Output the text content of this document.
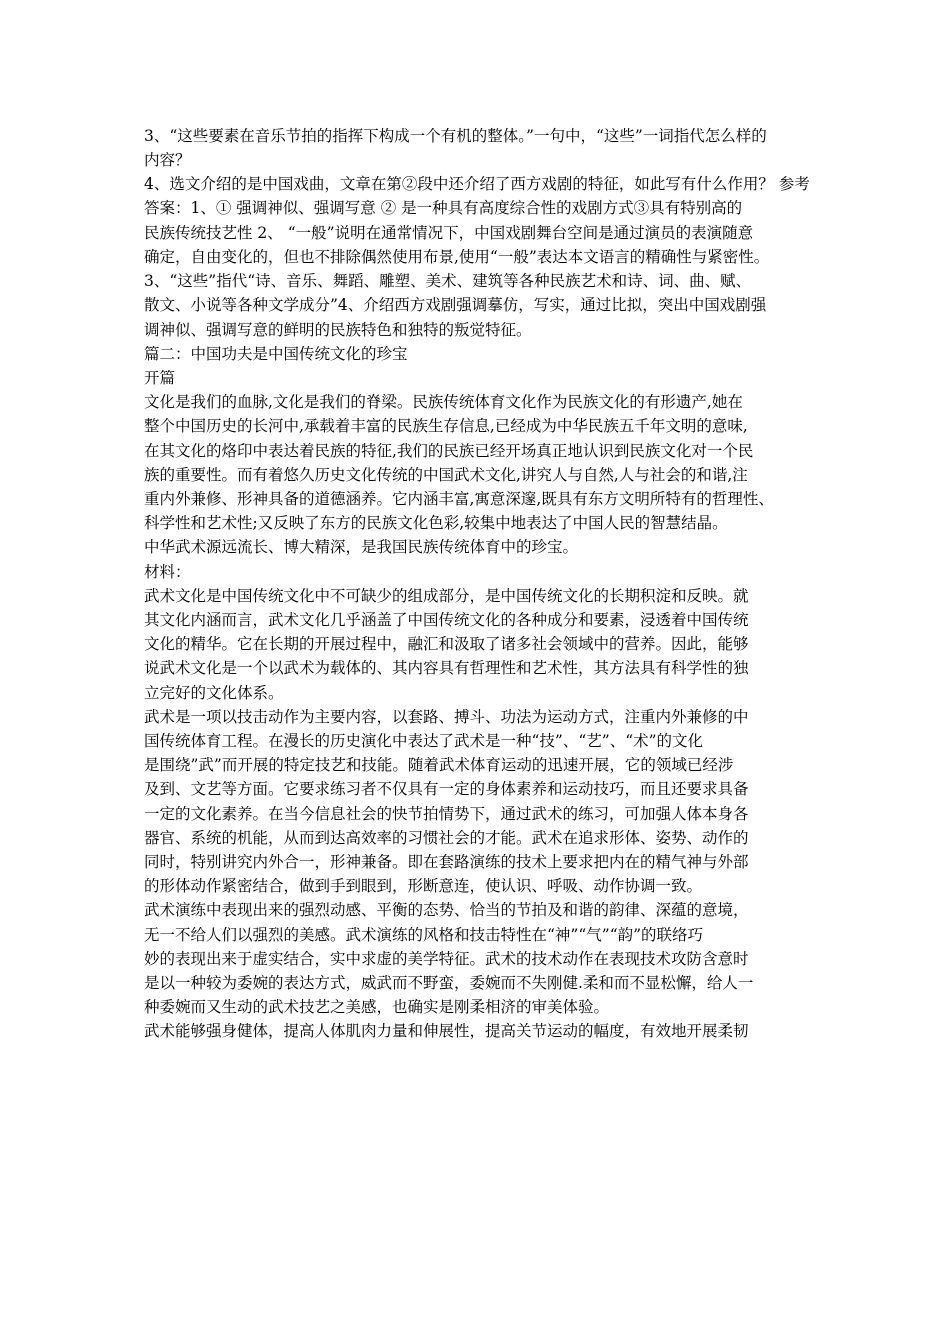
3、“这些要素在音乐节拍的指挥下构成一个有机的整体。”一句中，“这些”一词指代怎么样的
内容？
4、选文介绍的是中国戏曲，文章在第②段中还介绍了西方戏剧的特征，如此写有什么作用？ 参考答案：1、① 强调神似、强调写意 ② 是一种具有高度综合性的戏剧方式③具有特别高的
民族传统技艺性 2、 “一般”说明在通常情况下，中国戏剧舞台空间是通过演员的表演随意
确定，自由变化的，但也不排除偶然使用布景,使用“一般”表达本文语言的精确性与紧密性。
3、“这些”指代“诗、音乐、舞蹈、雕塑、美术、建筑等各种民族艺术和诗、词、曲、赋、
散文、小说等各种文学成分”4、介绍西方戏剧强调摹仿，写实，通过比拟，突出中国戏剧强
调神似、强调写意的鲜明的民族特色和独特的叛觉特征。
篇二：中国功夫是中国传统文化的珍宝
开篇
文化是我们的血脉,文化是我们的脊梁。民族传统体育文化作为民族文化的有形遗产,她在
整个中国历史的长河中,承载着丰富的民族生存信息,已经成为中华民族五千年文明的意味,
在其文化的烙印中表达着民族的特征,我们的民族已经开场真正地认识到民族文化对一个民
族的重要性。而有着悠久历史文化传统的中国武术文化,讲究人与自然,人与社会的和谐,注
重内外兼修、形神具备的道德涵养。它内涵丰富,寓意深邃,既具有东方文明所特有的哲理性、
科学性和艺术性;又反映了东方的民族文化色彩,较集中地表达了中国人民的智慧结晶。
中华武术源远流长、博大精深，是我国民族传统体育中的珍宝。
材料：
武术文化是中国传统文化中不可缺少的组成部分，是中国传统文化的长期积淀和反映。就
其文化内涵而言，武术文化几乎涵盖了中国传统文化的各种成分和要素，浸透着中国传统
文化的精华。它在长期的开展过程中，融汇和汲取了诸多社会领域中的营养。因此，能够
说武术文化是一个以武术为载体的、其内容具有哲理性和艺术性，其方法具有科学性的独
立完好的文化体系。
武术是一项以技击动作为主要内容，以套路、搏斗、功法为运动方式，注重内外兼修的中
国传统体育工程。在漫长的历史演化中表达了武术是一种“技”、“艺”、“术”的文化
是围绕”武”而开展的特定技艺和技能。随着武术体育运动的迅速开展，它的领域已经涉
及到、文艺等方面。它要求练习者不仅具有一定的身体素养和运动技巧，而且还要求具备
一定的文化素养。在当今信息社会的快节拍情势下，通过武术的练习，可加强人体本身各
器官、系统的机能，从而到达高效率的习惯社会的才能。武术在追求形体、姿势、动作的
同时，特别讲究内外合一，形神兼备。即在套路演练的技术上要求把内在的精气神与外部
的形体动作紧密结合，做到手到眼到，形断意连，使认识、呼吸、动作协调一致。
武术演练中表现出来的强烈动感、平衡的态势、恰当的节拍及和谐的韵律、深蕴的意境，
无一不给人们以强烈的美感。武术演练的风格和技击特性在“神”“气”“韵”的联络巧
妙的表现出来于虚实结合，实中求虚的美学特征。武术的技术动作在表现技术攻防含意时
是以一种较为委婉的表达方式，威武而不野蛮，委婉而不失刚健.柔和而不显松懈，给人一
种委婉而又生动的武术技艺之美感，也确实是刚柔相济的审美体验。
武术能够强身健体，提高人体肌肉力量和伸展性，提高关节运动的幅度，有效地开展柔韧
